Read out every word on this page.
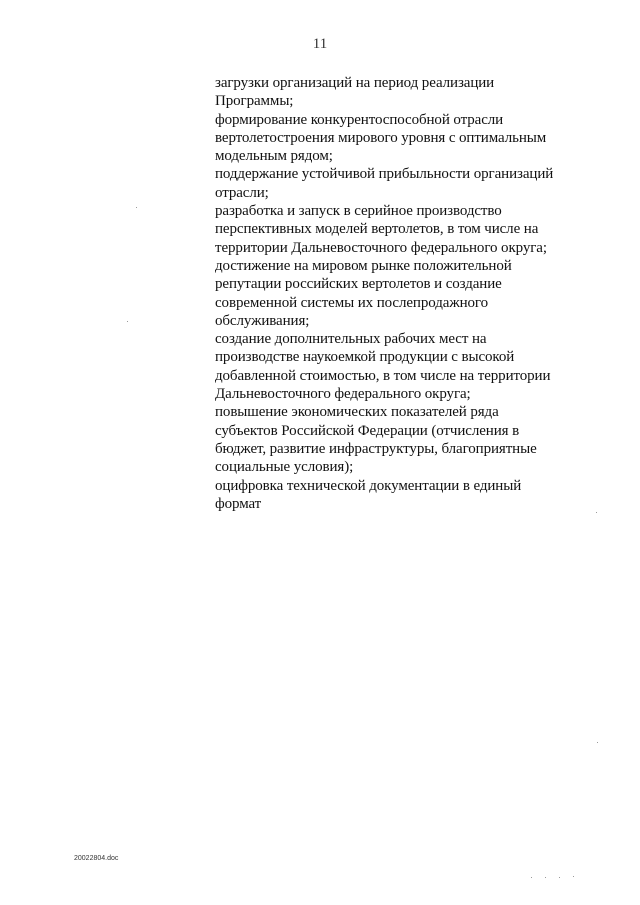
11
загрузки организаций на период реализации
Программы;
формирование конкурентоспособной отрасли
вертолетостроения мирового уровня с оптимальным
модельным рядом;
поддержание устойчивой прибыльности организаций
отрасли;
разработка и запуск в серийное производство
перспективных моделей вертолетов, в том числе на
территории Дальневосточного федерального округа;
достижение на мировом рынке положительной
репутации российских вертолетов и создание
современной системы их послепродажного
обслуживания;
создание дополнительных рабочих мест на
производстве наукоемкой продукции с высокой
добавленной стоимостью, в том числе на территории
Дальневосточного федерального округа;
повышение экономических показателей ряда
субъектов Российской Федерации (отчисления в
бюджет, развитие инфраструктуры, благоприятные
социальные условия);
оцифровка технической документации в единый
формат
20022804.doc
